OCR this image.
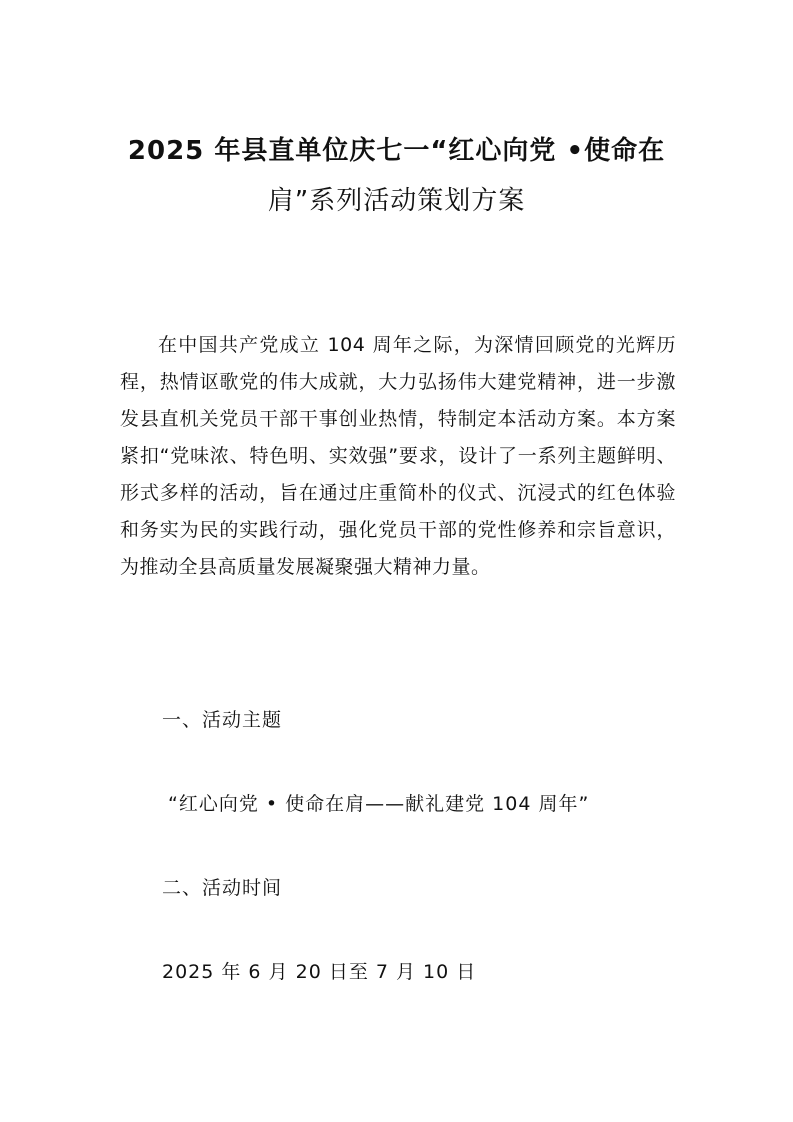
2025 年县直单位庆七一“红心向党 •使命在
肩”系列活动策划方案
在中国共产党成立 104 周年之际，为深情回顾党的光辉历程，热情讴歌党的伟大成就，大力弘扬伟大建党精神，进一步激发县直机关党员干部干事创业热情，特制定本活动方案。本方案紧扣“党味浓、特色明、实效强”要求，设计了一系列主题鲜明、形式多样的活动，旨在通过庄重简朴的仪式、沉浸式的红色体验和务实为民的实践行动，强化党员干部的党性修养和宗旨意识，为推动全县高质量发展凝聚强大精神力量。
一、活动主题
“红心向党 • 使命在肩——献礼建党 104 周年”
二、活动时间
2025 年 6 月 20 日至 7 月 10 日
